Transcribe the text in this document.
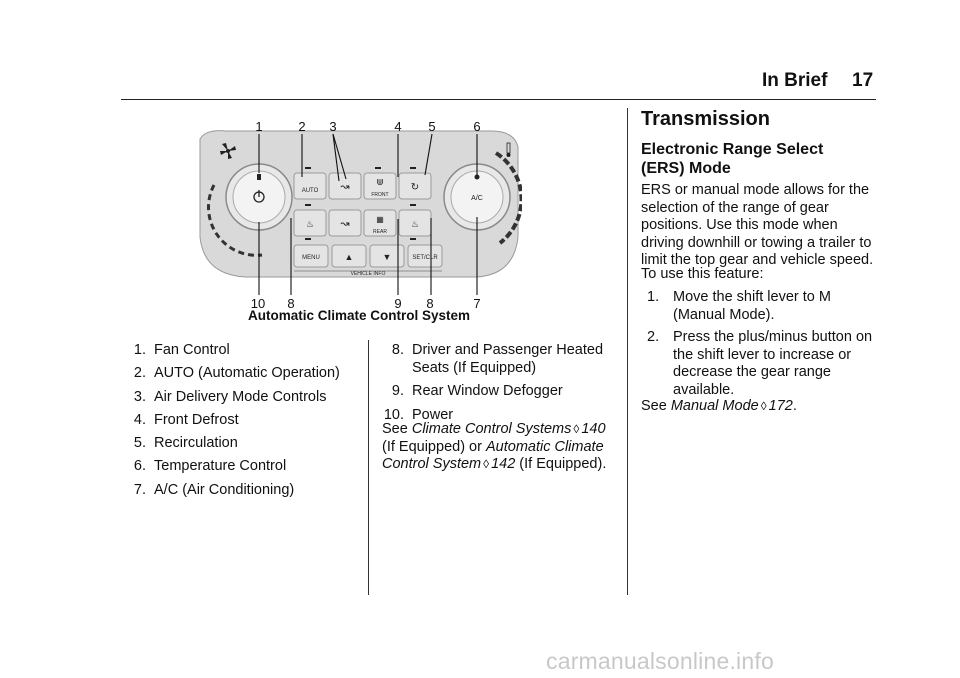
In Brief 17
A/C
AUTO ↝	⋓
FRONT
↻
♨ ↝	▦
REAR
♨
MENU	▲	▼	SET/CLR
VEHICLE INFO
1	2 3	4 5	6
10 8	9 8	7
Automatic Climate Control System
1. Fan Control
2. AUTO (Automatic Operation)
3. Air Delivery Mode Controls
4. Front Defrost
5. Recirculation
6. Temperature Control
7. A/C (Air Conditioning)
8. Driver and Passenger Heated Seats (If Equipped)
9. Rear Window Defogger
10. Power

See Climate Control Systems ◊ 140 (If Equipped) or Automatic Climate Control System ◊ 142 (If Equipped).

Transmission
Electronic Range Select (ERS) Mode

ERS or manual mode allows for the selection of the range of gear positions. Use this mode when driving downhill or towing a trailer to limit the top gear and vehicle speed.

To use this feature:

1. Move the shift lever to M (Manual Mode).
2. Press the plus/minus button on the shift lever to increase or decrease the gear range available.

See Manual Mode ◊ 172.

carmanualsonline.info
